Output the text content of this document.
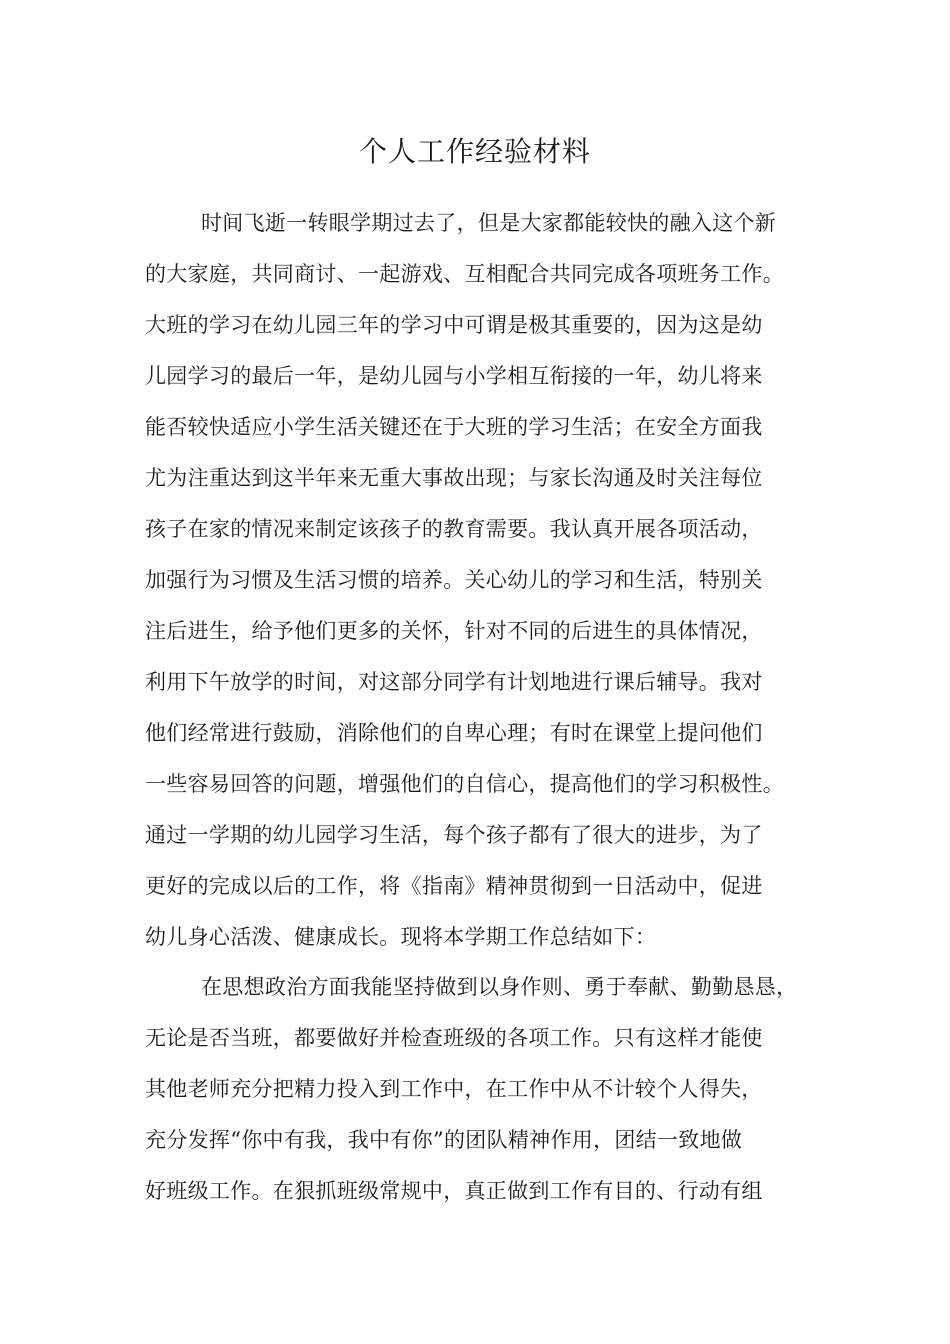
个人工作经验材料
时间飞逝一转眼学期过去了，但是大家都能较快的融入这个新
的大家庭，共同商讨、一起游戏、互相配合共同完成各项班务工作。
大班的学习在幼儿园三年的学习中可谓是极其重要的，因为这是幼
儿园学习的最后一年，是幼儿园与小学相互衔接的一年，幼儿将来
能否较快适应小学生活关键还在于大班的学习生活；在安全方面我
尤为注重达到这半年来无重大事故出现；与家长沟通及时关注每位
孩子在家的情况来制定该孩子的教育需要。我认真开展各项活动，
加强行为习惯及生活习惯的培养。关心幼儿的学习和生活，特别关
注后进生，给予他们更多的关怀，针对不同的后进生的具体情况，
利用下午放学的时间，对这部分同学有计划地进行课后辅导。我对
他们经常进行鼓励，消除他们的自卑心理；有时在课堂上提问他们
一些容易回答的问题，增强他们的自信心，提高他们的学习积极性。
通过一学期的幼儿园学习生活，每个孩子都有了很大的进步，为了
更好的完成以后的工作，将《指南》精神贯彻到一日活动中，促进
幼儿身心活泼、健康成长。现将本学期工作总结如下：
在思想政治方面我能坚持做到以身作则、勇于奉献、勤勤恳恳，
无论是否当班，都要做好并检查班级的各项工作。只有这样才能使
其他老师充分把精力投入到工作中，在工作中从不计较个人得失，
充分发挥“你中有我，我中有你”的团队精神作用，团结一致地做
好班级工作。在狠抓班级常规中，真正做到工作有目的、行动有组
